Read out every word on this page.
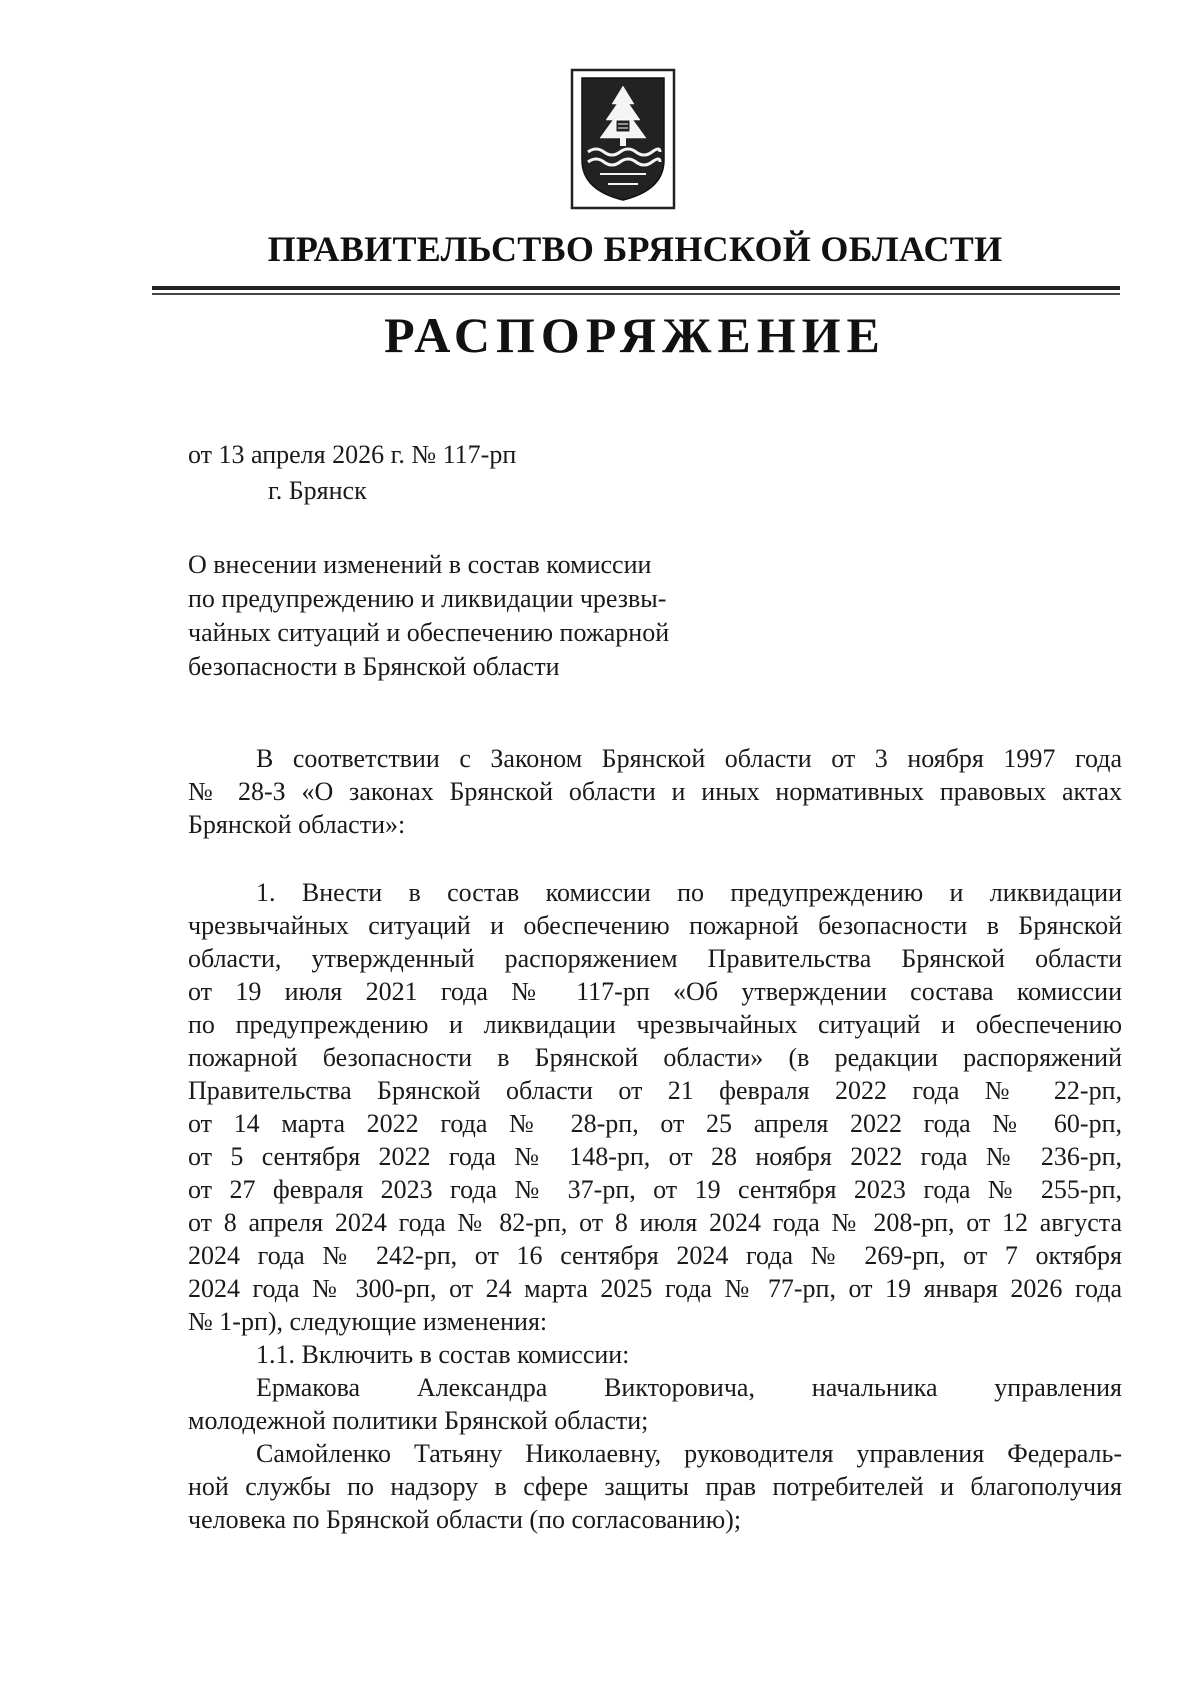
ПРАВИТЕЛЬСТВО БРЯНСКОЙ ОБЛАСТИ
РАСПОРЯЖЕНИЕ
от 13 апреля 2026 г. № 117-рп
г. Брянск
О внесении изменений в состав комиссии
по предупреждению и ликвидации чрезвы-
чайных ситуаций и обеспечению пожарной
безопасности в Брянской области
В соответствии с Законом Брянской области от 3 ноября 1997 года
№ 28-З «О законах Брянской области и иных нормативных правовых актах
Брянской области»:
1. Внести в состав комиссии по предупреждению и ликвидации
чрезвычайных ситуаций и обеспечению пожарной безопасности в Брянской
области, утвержденный распоряжением Правительства Брянской области
от 19 июля 2021 года № 117-рп «Об утверждении состава комиссии
по предупреждению и ликвидации чрезвычайных ситуаций и обеспечению
пожарной безопасности в Брянской области» (в редакции распоряжений
Правительства Брянской области от 21 февраля 2022 года № 22-рп,
от 14 марта 2022 года № 28-рп, от 25 апреля 2022 года № 60-рп,
от 5 сентября 2022 года № 148-рп, от 28 ноября 2022 года № 236-рп,
от 27 февраля 2023 года № 37-рп, от 19 сентября 2023 года № 255-рп,
от 8 апреля 2024 года № 82-рп, от 8 июля 2024 года № 208-рп, от 12 августа
2024 года № 242-рп, от 16 сентября 2024 года № 269-рп, от 7 октября
2024 года № 300-рп, от 24 марта 2025 года № 77-рп, от 19 января 2026 года
№ 1-рп), следующие изменения:
1.1. Включить в состав комиссии:
Ермакова Александра Викторовича, начальника управления
молодежной политики Брянской области;
Самойленко Татьяну Николаевну, руководителя управления Федераль-
ной службы по надзору в сфере защиты прав потребителей и благополучия
человека по Брянской области (по согласованию);
